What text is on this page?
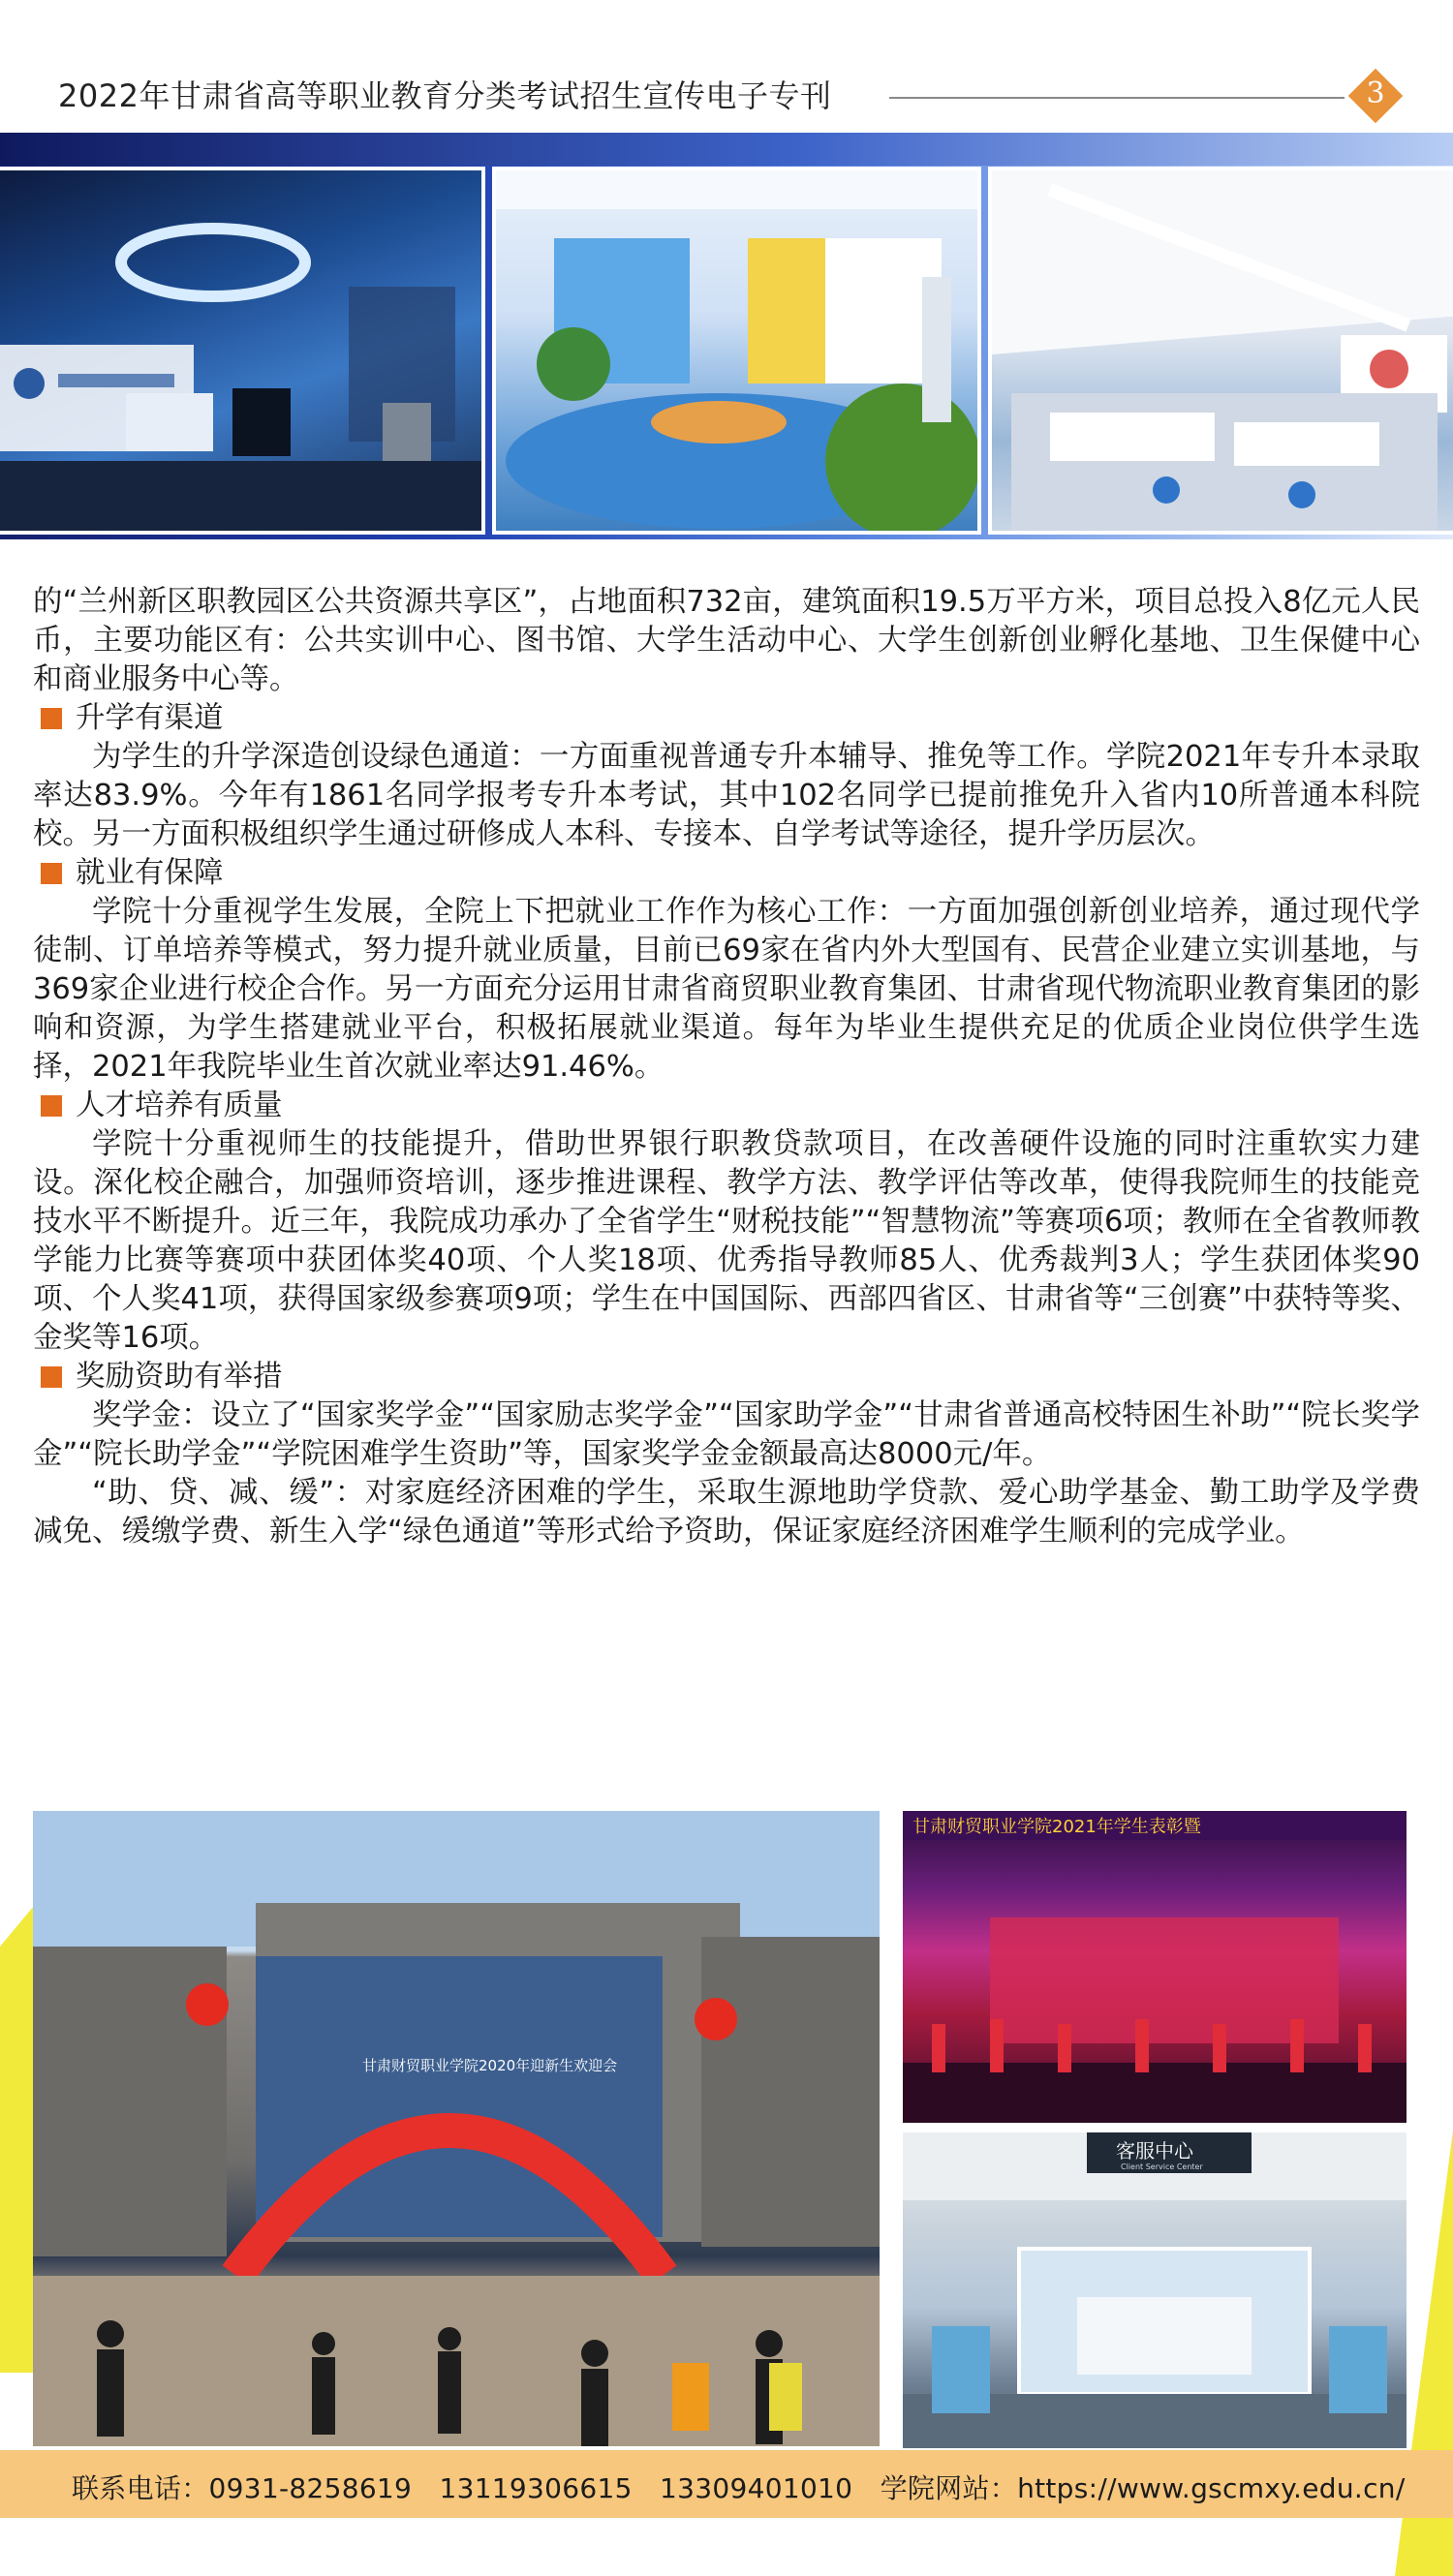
2022年甘肃省高等职业教育分类考试招生宣传电子专刊	3

的“兰州新区职教园区公共资源共享区”，占地面积732亩，建筑面积19.5万平方米，项目总投入8亿元人民币，主要功能区有：公共实训中心、图书馆、大学生活动中心、大学生创新创业孵化基地、卫生保健中心和商业服务中心等。

升学有渠道

为学生的升学深造创设绿色通道：一方面重视普通专升本辅导、推免等工作。学院2021年专升本录取率达83.9%。今年有1861名同学报考专升本考试，其中102名同学已提前推免升入省内10所普通本科院校。另一方面积极组织学生通过研修成人本科、专接本、自学考试等途径，提升学历层次。

就业有保障

学院十分重视学生发展，全院上下把就业工作作为核心工作：一方面加强创新创业培养，通过现代学徒制、订单培养等模式，努力提升就业质量，目前已69家在省内外大型国有、民营企业建立实训基地，与369家企业进行校企合作。另一方面充分运用甘肃省商贸职业教育集团、甘肃省现代物流职业教育集团的影响和资源，为学生搭建就业平台，积极拓展就业渠道。每年为毕业生提供充足的优质企业岗位供学生选择，2021年我院毕业生首次就业率达91.46%。

人才培养有质量

学院十分重视师生的技能提升，借助世界银行职教贷款项目，在改善硬件设施的同时注重软实力建设。深化校企融合，加强师资培训，逐步推进课程、教学方法、教学评估等改革，使得我院师生的技能竞技水平不断提升。近三年，我院成功承办了全省学生“财税技能”“智慧物流”等赛项6项；教师在全省教师教学能力比赛等赛项中获团体奖40项、个人奖18项、优秀指导教师85人、优秀裁判3人；学生获团体奖90项、个人奖41项，获得国家级参赛项9项；学生在中国国际、西部四省区、甘肃省等“三创赛”中获特等奖、金奖等16项。

奖励资助有举措

奖学金：设立了“国家奖学金”“国家励志奖学金”“国家助学金”“甘肃省普通高校特困生补助”“院长奖学金”“院长助学金”“学院困难学生资助”等，国家奖学金金额最高达8000元/年。

“助、贷、减、缓”：对家庭经济困难的学生，采取生源地助学贷款、爱心助学基金、勤工助学及学费减免、缓缴学费、新生入学“绿色通道”等形式给予资助，保证家庭经济困难学生顺利的完成学业。

甘肃财贸职业学院2020年迎新生欢迎会
甘肃财贸职业学院2021年学生表彰暨
客服中心
Client Service Center
联系电话：0931-8258619　13119306615　13309401010　学院网站：https://www.gscmxy.edu.cn/
